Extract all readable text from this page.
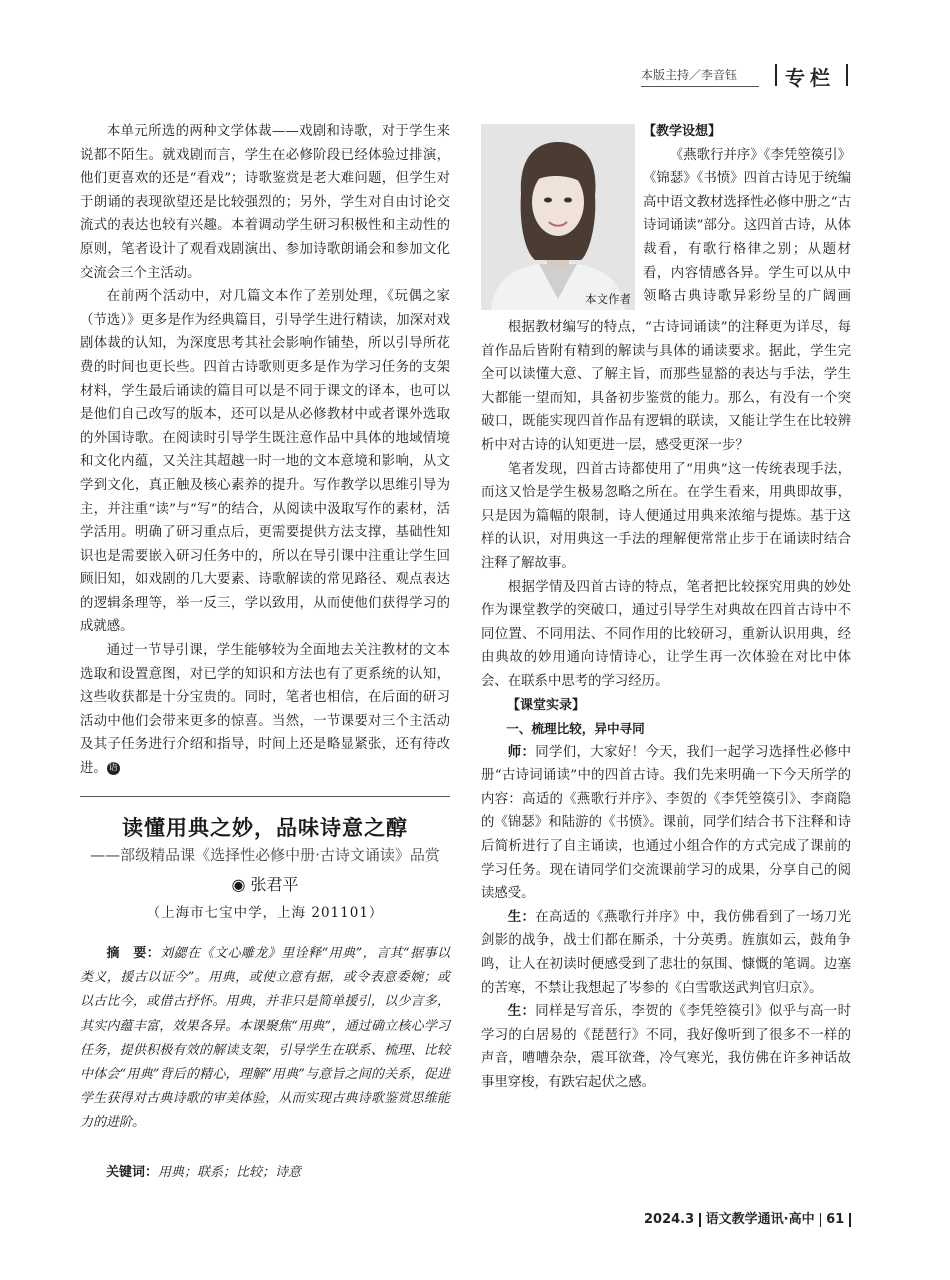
本版主持／李音钰	专栏

本单元所选的两种文学体裁——戏剧和诗歌，对于学生来说都不陌生。就戏剧而言，学生在必修阶段已经体验过排演，他们更喜欢的还是“看戏”；诗歌鉴赏是老大难问题，但学生对于朗诵的表现欲望还是比较强烈的；另外，学生对自由讨论交流式的表达也较有兴趣。本着调动学生研习积极性和主动性的原则，笔者设计了观看戏剧演出、参加诗歌朗诵会和参加文化交流会三个主活动。

在前两个活动中，对几篇文本作了差别处理，《玩偶之家（节选）》更多是作为经典篇目，引导学生进行精读，加深对戏剧体裁的认知，为深度思考其社会影响作铺垫，所以引导所花费的时间也更长些。四首古诗歌则更多是作为学习任务的支架材料，学生最后诵读的篇目可以是不同于课文的译本，也可以是他们自己改写的版本，还可以是从必修教材中或者课外选取的外国诗歌。在阅读时引导学生既注意作品中具体的地域情境和文化内蕴，又关注其超越一时一地的文本意境和影响，从文学到文化，真正触及核心素养的提升。写作教学以思维引导为主，并注重“读”与“写”的结合，从阅读中汲取写作的素材，活学活用。明确了研习重点后，更需要提供方法支撑，基础性知识也是需要嵌入研习任务中的，所以在导引课中注重让学生回顾旧知，如戏剧的几大要素、诗歌解读的常见路径、观点表达的逻辑条理等，举一反三，学以致用，从而使他们获得学习的成就感。

通过一节导引课，学生能够较为全面地去关注教材的文本选取和设置意图，对已学的知识和方法也有了更系统的认知，这些收获都是十分宝贵的。同时，笔者也相信，在后面的研习活动中他们会带来更多的惊喜。当然，一节课要对三个主活动及其子任务进行介绍和指导，时间上还是略显紧张，还有待改进。 语

读懂用典之妙，品味诗意之醇
——部级精品课《选择性必修中册·古诗文诵读》品赏
◉ 张君平
（上海市七宝中学，上海 201101）
摘　要：刘勰在《文心雕龙》里诠释“用典”，言其“据事以类义，援古以证今”。用典，或使立意有据，或令表意委婉；或以古比今，或借古抒怀。用典，并非只是简单援引，以少言多，其实内蕴丰富，效果各异。本课聚焦“用典”，通过确立核心学习任务，提供积极有效的解读支架，引导学生在联系、梳理、比较中体会“用典”背后的精心，理解“用典”与意旨之间的关系，促进学生获得对古典诗歌的审美体验，从而实现古典诗歌鉴赏思维能力的进阶。
关键词：用典；联系；比较；诗意
本文作者

【教学设想】

《燕歌行并序》《李凭箜篌引》《锦瑟》《书愤》四首古诗见于统编高中语文教材选择性必修中册之“古诗词诵读”部分。这四首古诗，从体裁看，有歌行格律之别；从题材看，内容情感各异。学生可以从中领略古典诗歌异彩纷呈的广阔画

根据教材编写的特点，“古诗词诵读”的注释更为详尽，每首作品后皆附有精到的解读与具体的诵读要求。据此，学生完全可以读懂大意、了解主旨，而那些显豁的表达与手法，学生大都能一望而知，具备初步鉴赏的能力。那么，有没有一个突破口，既能实现四首作品有逻辑的联读，又能让学生在比较辨析中对古诗的认知更进一层，感受更深一步？

笔者发现，四首古诗都使用了“用典”这一传统表现手法，而这又恰是学生极易忽略之所在。在学生看来，用典即故事，只是因为篇幅的限制，诗人便通过用典来浓缩与提炼。基于这样的认识，对用典这一手法的理解便常常止步于在诵读时结合注释了解故事。

根据学情及四首古诗的特点，笔者把比较探究用典的妙处作为课堂教学的突破口，通过引导学生对典故在四首古诗中不同位置、不同用法、不同作用的比较研习，重新认识用典，经由典故的妙用通向诗情诗心，让学生再一次体验在对比中体会、在联系中思考的学习经历。

【课堂实录】

一、梳理比较，异中寻同

师：同学们，大家好！今天，我们一起学习选择性必修中册“古诗词诵读”中的四首古诗。我们先来明确一下今天所学的内容：高适的《燕歌行并序》、李贺的《李凭箜篌引》、李商隐的《锦瑟》和陆游的《书愤》。课前，同学们结合书下注释和诗后简析进行了自主诵读，也通过小组合作的方式完成了课前的学习任务。现在请同学们交流课前学习的成果，分享自己的阅读感受。

生：在高适的《燕歌行并序》中，我仿佛看到了一场刀光剑影的战争，战士们都在厮杀，十分英勇。旌旗如云，鼓角争鸣，让人在初读时便感受到了悲壮的氛围、慷慨的笔调。边塞的苦寒，不禁让我想起了岑参的《白雪歌送武判官归京》。

生：同样是写音乐，李贺的《李凭箜篌引》似乎与高一时学习的白居易的《琵琶行》不同，我好像听到了很多不一样的声音，嘈嘈杂杂，震耳欲聋，冷气寒光，我仿佛在许多神话故事里穿梭，有跌宕起伏之感。

2024.3 语文教学通讯·高中 61
